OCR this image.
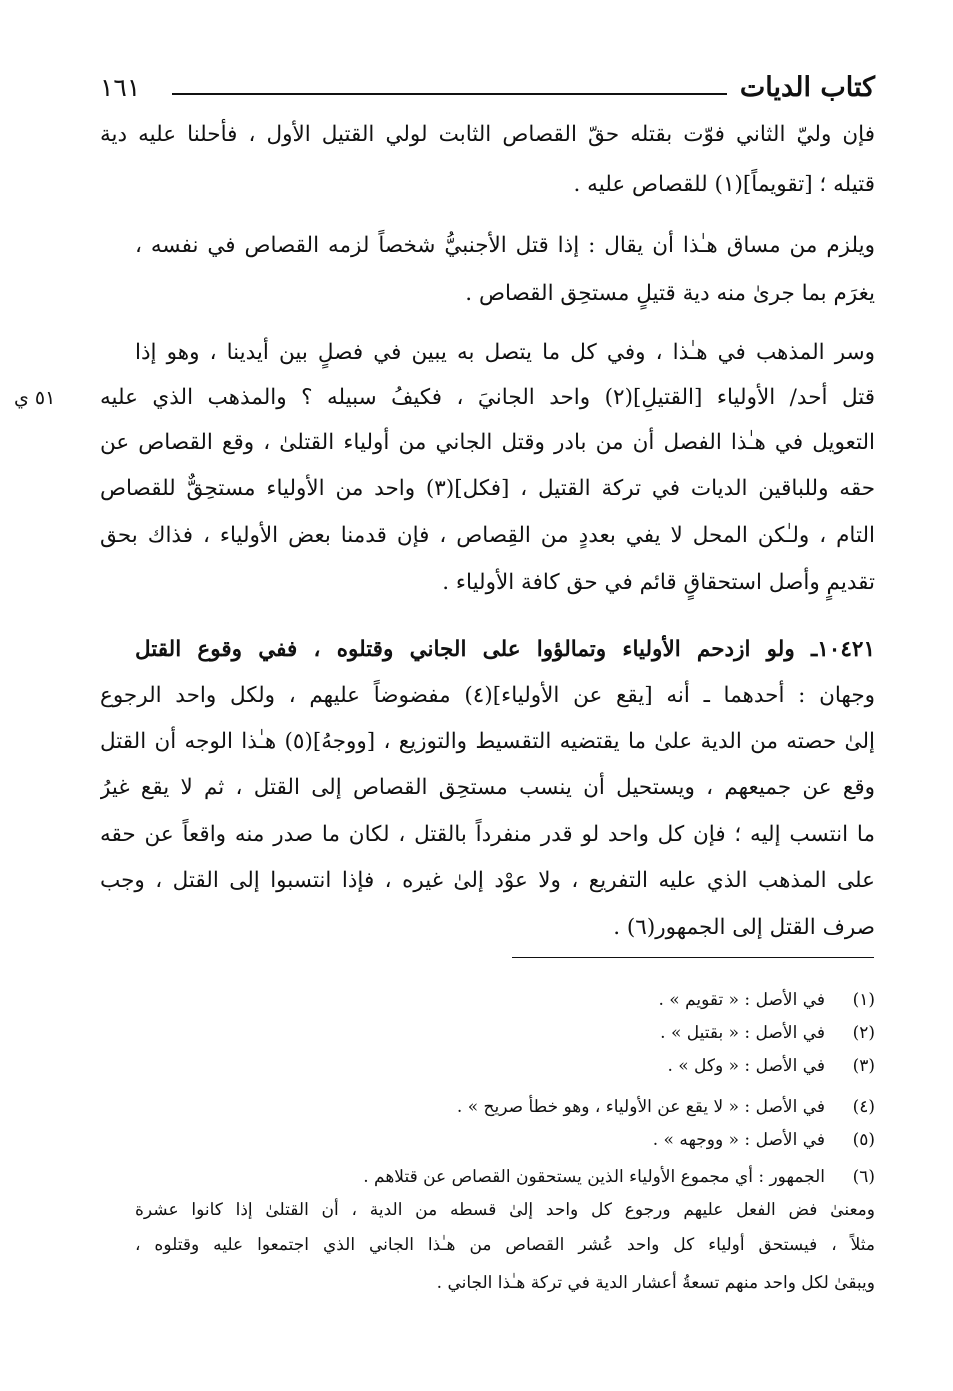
كتاب الديات
١٦١
٥١ ي
فإن وليّ الثاني فوّت بقتله حقّ القصاص الثابت لولي القتيل الأول ، فأحلنا عليه دية
قتيله ؛ [تقويماً](١) للقصاص عليه .
ويلزم من مساق هـٰذا أن يقال : إذا قتل الأجنبيُّ شخصاً لزمه القصاص في نفسه ،
يغرَم بما جرىٰ منه دية قتيلٍ مستحِق القصاص .
وسر المذهب في هـٰذا ، وفي كل ما يتصل به يبين في فصلٍ بين أيدينا ، وهو إذا
قتل أحد/ الأولياء [القتيلِ](٢) واحد الجانيَ ، فكيفُ سبيله ؟ والمذهب الذي عليه
التعويل في هـٰذا الفصل أن من بادر وقتل الجاني من أولياء القتلىٰ ، وقع القصاص عن
حقه وللباقين الديات في تركة القتيل ، [فكل](٣) واحد من الأولياء مستحِقٌّ للقصاص
التام ، ولـٰكن المحل لا يفي بعددٍ من القِصاص ، فإن قدمنا بعض الأولياء ، فذاك بحق
تقديمٍ وأصل استحقاقٍ قائم في حق كافة الأولياء .
١٠٤٢١ـ ولو ازدحم الأولياء وتمالؤوا على الجاني وقتلوه ، ففي وقوع القتل
وجهان : أحدهما ـ أنه [يقع عن الأولياء](٤) مفضوضاً عليهم ، ولكل واحد الرجوع
إلىٰ حصته من الدية علىٰ ما يقتضيه التقسيط والتوزيع ، [ووجهُ](٥) هـٰذا الوجه أن القتل
وقع عن جميعهم ، ويستحيل أن ينسب مستحِق القصاص إلى القتل ، ثم لا يقع غيرُ
ما انتسب إليه ؛ فإن كل واحد لو قدر منفرداً بالقتل ، لكان ما صدر منه واقعاً عن حقه
على المذهب الذي عليه التفريع ، ولا عوْد إلىٰ غيره ، فإذا انتسبوا إلى القتل ، وجب
صرف القتل إلى الجمهور(٦) .
(١)في الأصل : « تقويم » .
(٢)في الأصل : « بقتيل » .
(٣)في الأصل : « وكل » .
(٤)في الأصل : « لا يقع عن الأولياء ، وهو خطأ صريح » .
(٥)في الأصل : « ووجهه » .
(٦)الجمهور : أي مجموع الأولياء الذين يستحقون القصاص عن قتلاهم .
ومعنىٰ فض الفعل عليهم ورجوع كل واحد إلىٰ قسطه من الدية ، أن القتلىٰ إذا كانوا عشرة
مثلاً ، فيستحق أولياء كل واحد عُشر القصاص من هـٰذا الجاني الذي اجتمعوا عليه وقتلوه ،
ويبقىٰ لكل واحد منهم تسعةُ أعشار الدية في تركة هـٰذا الجاني .
